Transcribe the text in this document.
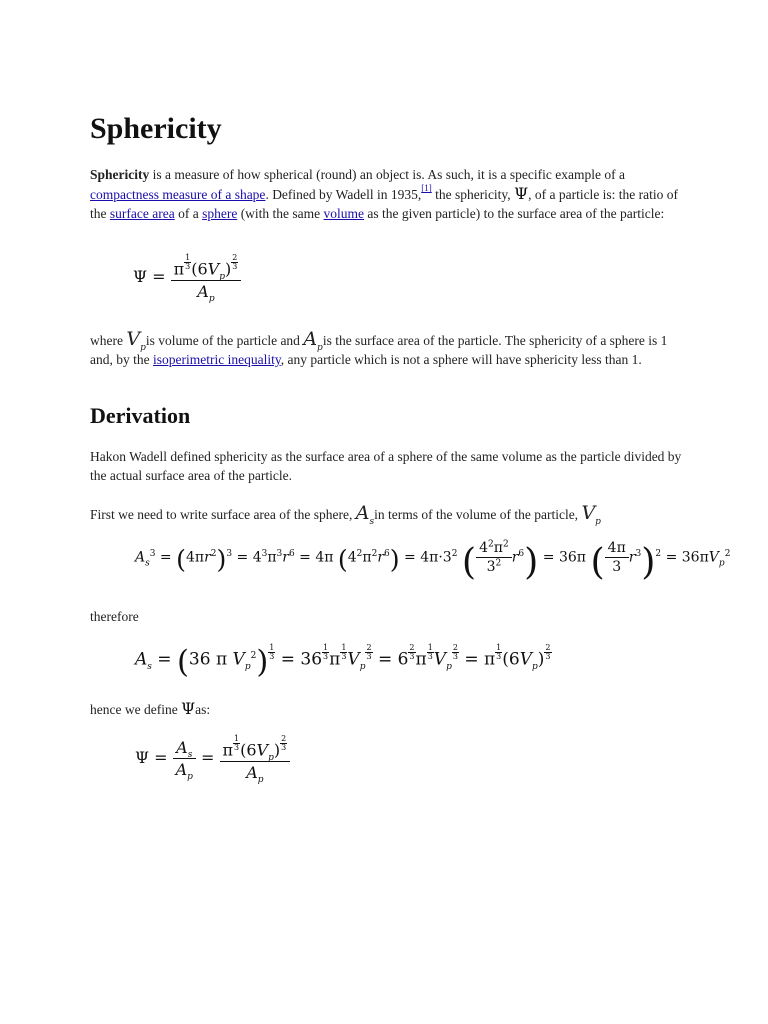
Sphericity

Sphericity is a measure of how spherical (round) an object is. As such, it is a specific example of a compactness measure of a shape. Defined by Wadell in 1935,[1] the sphericity, Ψ, of a particle is: the ratio of the surface area of a sphere (with the same volume as the given particle) to the surface area of the particle:

$\Psi = \frac{\pi \frac{1}{3} (6V_p) \frac{2}{3}}{A_p}$

where $V_pis$ volume of the particle and $A_pis$ the surface area of the particle. The sphericity of a sphere is 1 and, by the isoperimetric inequality, any particle which is not a sphere will have sphericity less than 1.

Derivation

Hakon Wadell defined sphericity as the surface area of a sphere of the same volume as the particle divided by the actual surface area of the particle.

First we need to write surface area of the sphere, $A_sin$ terms of the volume of the particle, $V_p$

$A_s^3 = (4\pi r^2)^3 = 4^3\pi^3r^6 = 4\pi$ $(4^2\pi^2r^6) = 4\pi\cdot 3^2$ ( $\frac{4^2\pi^2}{3^2} r^6) = 36\pi$ ( $\frac{4\pi}{3} r^3)^2 = 36\pi V_p^2$

therefore

$A_s = (36$ π $V_p^2) \frac{1}{3} = 36 \frac{1}{3}$ π $\frac{1}{3} V_p$
$\frac{2}{3} = 6 \frac{2}{3}$ π $\frac{1}{3} V_p$
$\frac{2}{3} = \pi \frac{1}{3} (6V_p) \frac{2}{3}$

hence we define Ψas:

$\Psi = \frac{A_s}{A_p} = \frac{\pi \frac{1}{3} (6V_p) \frac{2}{3}}{A_p}$
